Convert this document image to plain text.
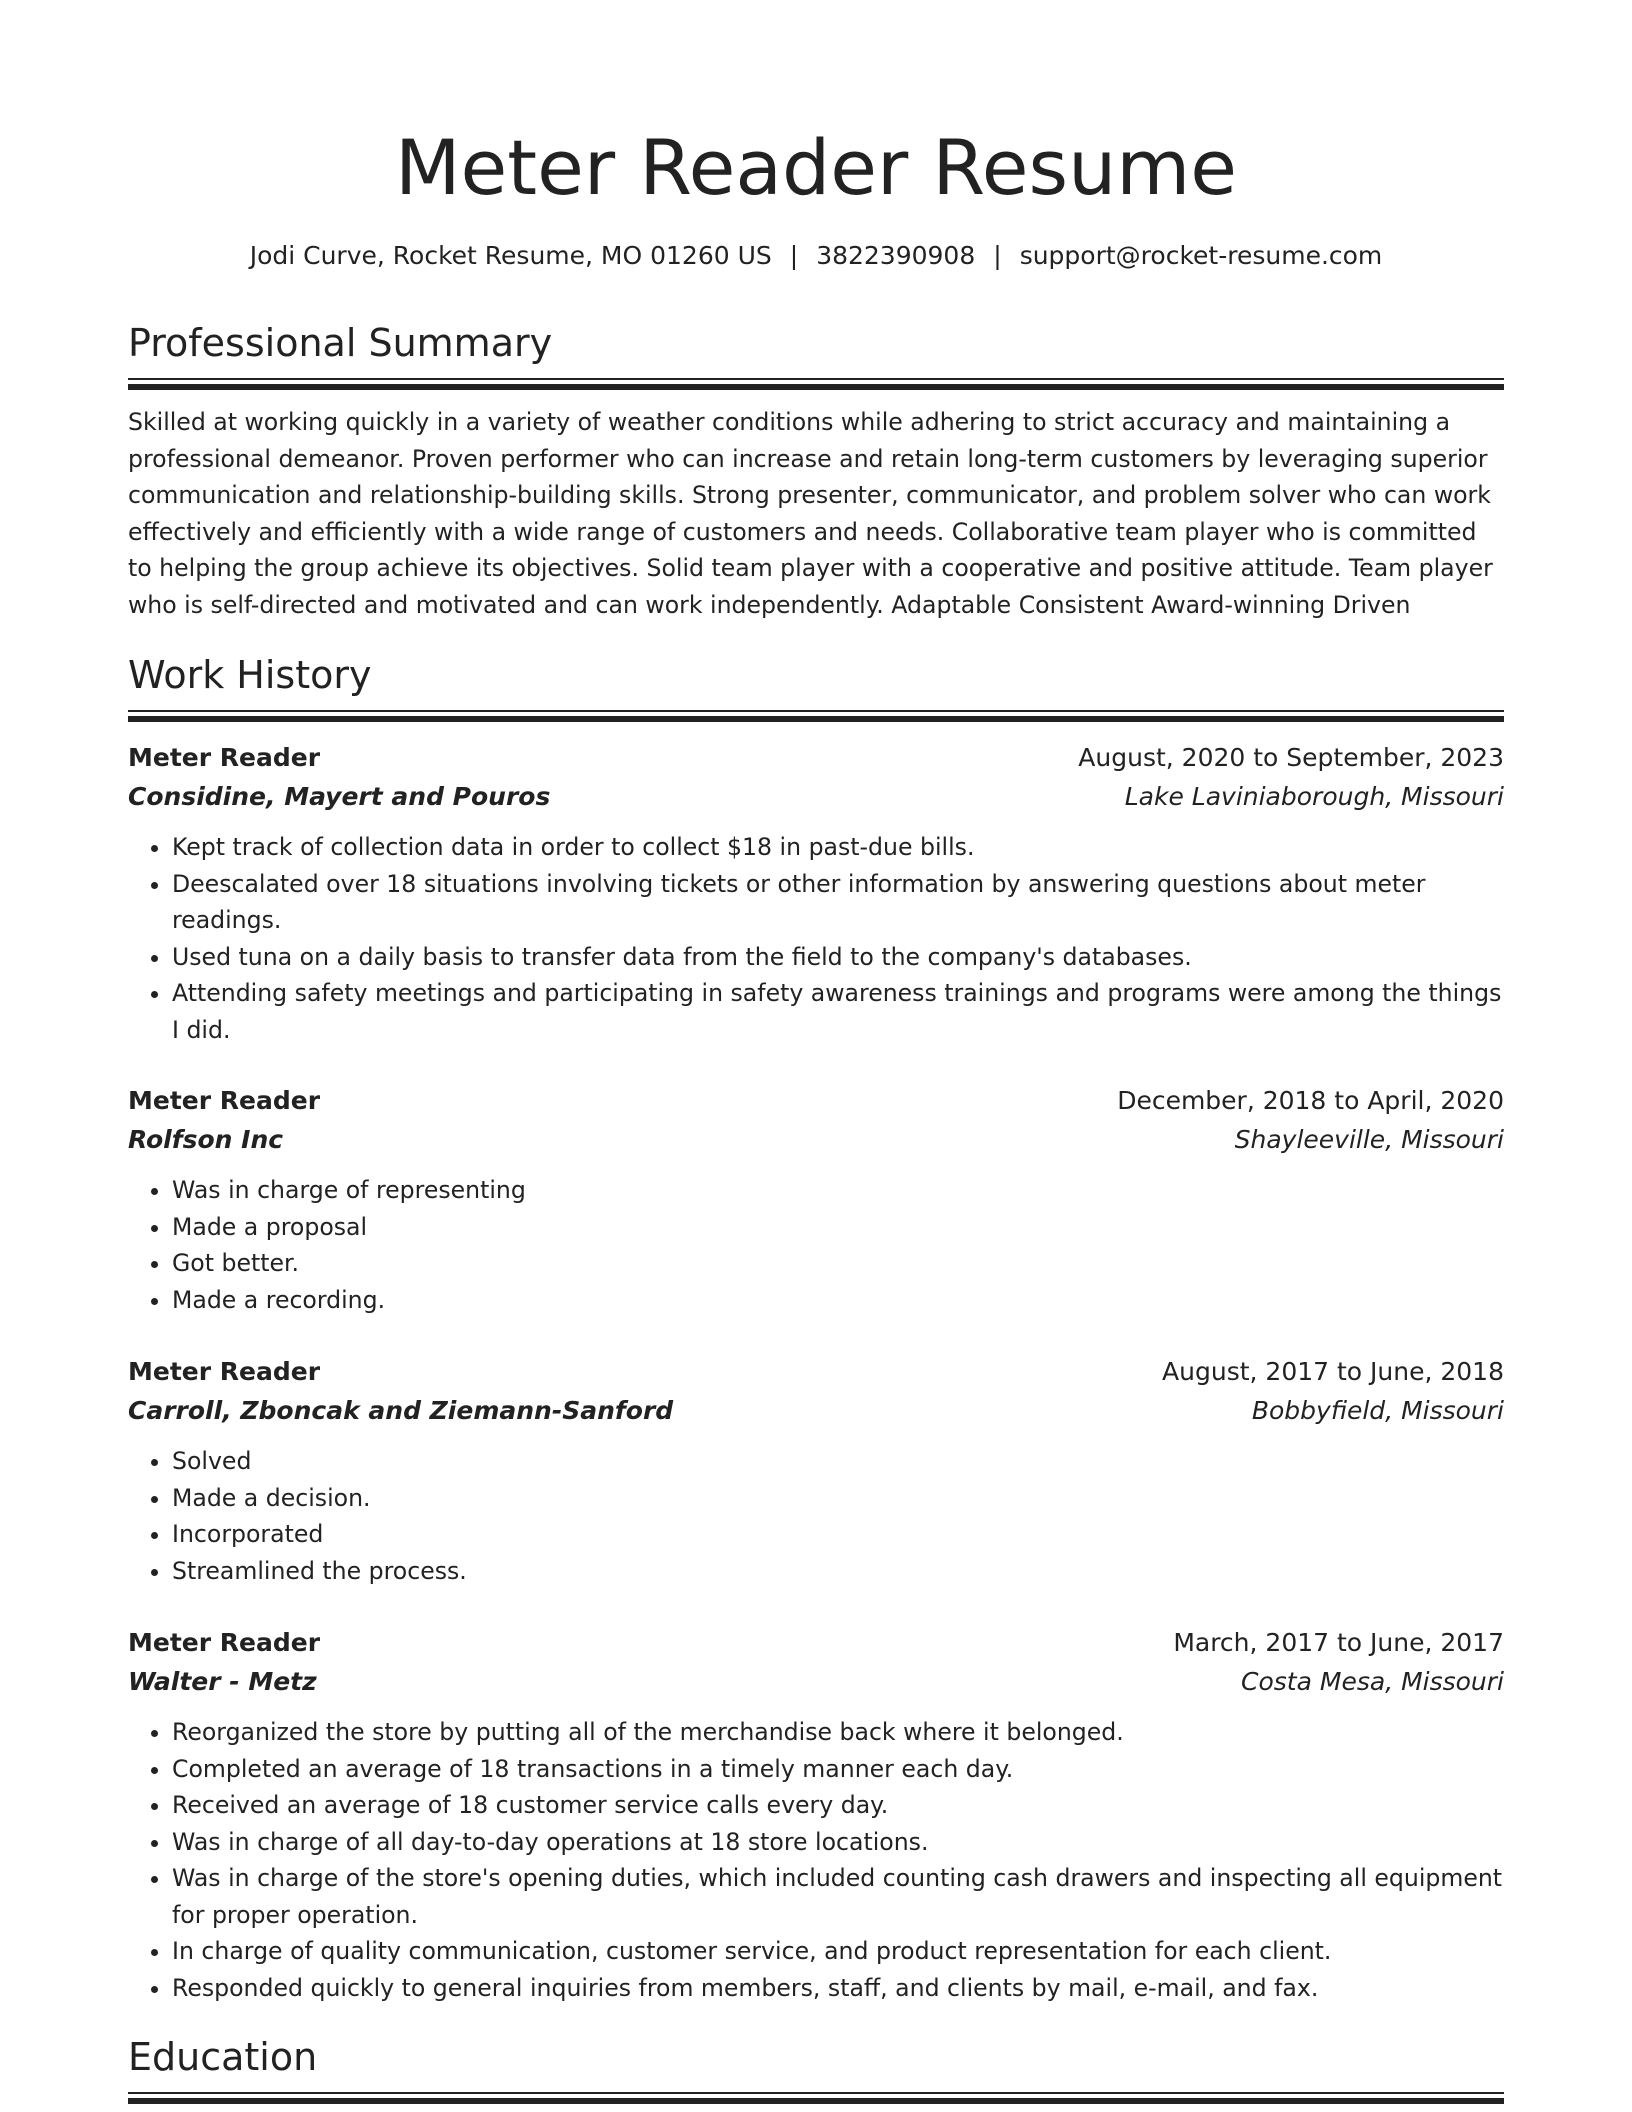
Meter Reader Resume
Jodi Curve, Rocket Resume, MO 01260 US | 3822390908 | support@rocket-resume.com
Professional Summary
Skilled at working quickly in a variety of weather conditions while adhering to strict accuracy and maintaining a professional demeanor. Proven performer who can increase and retain long-term customers by leveraging superior communication and relationship-building skills. Strong presenter, communicator, and problem solver who can work effectively and efficiently with a wide range of customers and needs. Collaborative team player who is committed to helping the group achieve its objectives. Solid team player with a cooperative and positive attitude. Team player who is self-directed and motivated and can work independently. Adaptable Consistent Award-winning Driven
Work History
Meter Reader	August, 2020 to September, 2023
Considine, Mayert and Pouros	Lake Laviniaborough, Missouri
• Kept track of collection data in order to collect $18 in past-due bills.
• Deescalated over 18 situations involving tickets or other information by answering questions about meter readings.
• Used tuna on a daily basis to transfer data from the field to the company's databases.
• Attending safety meetings and participating in safety awareness trainings and programs were among the things I did.
Meter Reader	December, 2018 to April, 2020
Rolfson Inc	Shayleeville, Missouri
• Was in charge of representing
• Made a proposal
• Got better.
• Made a recording.
Meter Reader	August, 2017 to June, 2018
Carroll, Zboncak and Ziemann-Sanford	Bobbyfield, Missouri
• Solved
• Made a decision.
• Incorporated
• Streamlined the process.
Meter Reader	March, 2017 to June, 2017
Walter - Metz	Costa Mesa, Missouri
• Reorganized the store by putting all of the merchandise back where it belonged.
• Completed an average of 18 transactions in a timely manner each day.
• Received an average of 18 customer service calls every day.
• Was in charge of all day-to-day operations at 18 store locations.
• Was in charge of the store's opening duties, which included counting cash drawers and inspecting all equipment for proper operation.
• In charge of quality communication, customer service, and product representation for each client.
• Responded quickly to general inquiries from members, staff, and clients by mail, e-mail, and fax.
Education
